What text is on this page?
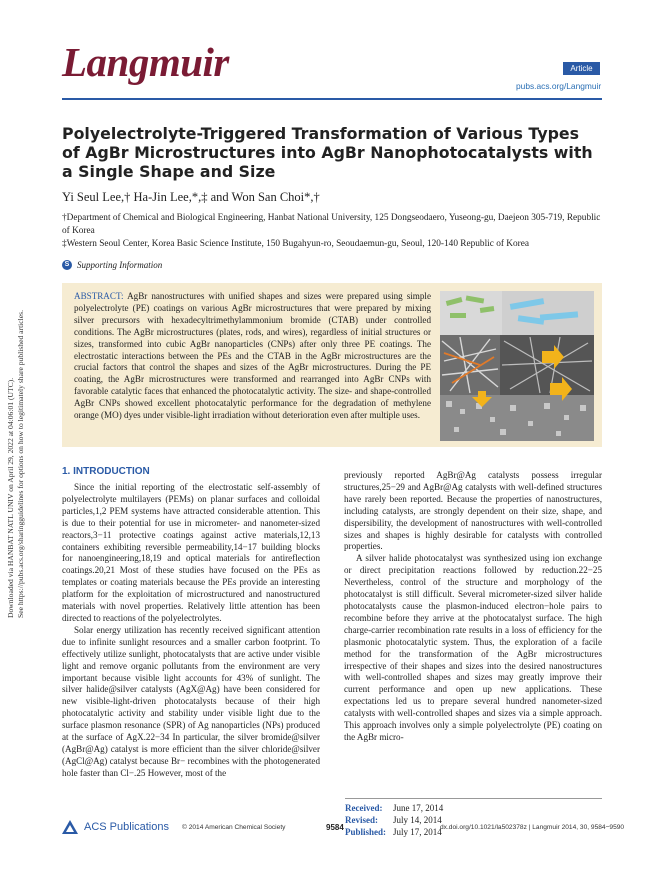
Downloaded via HANBAT NATL UNIV on April 29, 2022 at 04:06:01 (UTC). See https://pubs.acs.org/sharingguidelines for options on how to legitimately share published articles.
Langmuir	Article
pubs.acs.org/Langmuir
Polyelectrolyte-Triggered Transformation of Various Types of AgBr Microstructures into AgBr Nanophotocatalysts with a Single Shape and Size
Yi Seul Lee,† Ha-Jin Lee,*,‡ and Won San Choi*,†
†Department of Chemical and Biological Engineering, Hanbat National University, 125 Dongseodaero, Yuseong-gu, Daejeon 305-719, Republic of Korea
‡Western Seoul Center, Korea Basic Science Institute, 150 Bugahyun-ro, Seoudaemun-gu, Seoul, 120-140 Republic of Korea
S Supporting Information
ABSTRACT: AgBr nanostructures with unified shapes and sizes were prepared using simple polyelectrolyte (PE) coatings on various AgBr microstructures that were prepared by mixing silver precursors with hexadecyltrimethylammonium bromide (CTAB) under controlled conditions. The AgBr microstructures (plates, rods, and wires), regardless of initial structures or sizes, transformed into cubic AgBr nanoparticles (CNPs) after only three PE coatings. The electrostatic interactions between the PEs and the CTAB in the AgBr microstructures are the crucial factors that control the shapes and sizes of the AgBr microstructures. During the PE coating, the AgBr microstructures were transformed and rearranged into AgBr CNPs with favorable catalytic faces that enhanced the photocatalytic activity. The size- and shape-controlled AgBr CNPs showed excellent photocatalytic performance for the degradation of methylene orange (MO) dyes under visible-light irradiation without deterioration even after multiple uses.
1. INTRODUCTION

Since the initial reporting of the electrostatic self-assembly of polyelectrolyte multilayers (PEMs) on planar surfaces and colloidal particles,1,2 PEM systems have attracted considerable attention. This is due to their potential for use in micrometer- and nanometer-sized reactors,3−11 protective coatings against active materials,12,13 containers exhibiting reversible permeability,14−17 building blocks for nanoengineering,18,19 and optical materials for antireflection coatings.20,21 Most of these studies have focused on the PEs as templates or coating materials because the PEs provide an interesting platform for the exploitation of microstructured and nanostructured materials with novel properties. Relatively little attention has been directed to reactions of the polyelectrolytes.

Solar energy utilization has recently received significant attention due to infinite sunlight resources and a smaller carbon footprint. To effectively utilize sunlight, photocatalysts that are active under visible light and remove organic pollutants from the environment are very important because visible light accounts for 43% of sunlight. The silver halide@silver catalysts (AgX@Ag) have been considered for new visible-light-driven photocatalysts because of their high photocatalytic activity and stability under visible light due to the surface plasmon resonance (SPR) of Ag nanoparticles (NPs) produced at the surface of AgX.22−34 In particular, the silver bromide@silver (AgBr@Ag) catalyst is more efficient than the silver chloride@silver (AgCl@Ag) catalyst because Br− recombines with the photogenerated hole faster than Cl−.25 However, most of the

previously reported AgBr@Ag catalysts possess irregular structures,25−29 and AgBr@Ag catalysts with well-defined structures have rarely been reported. Because the properties of nanostructures, including catalysts, are strongly dependent on their size, shape, and dispersibility, the development of nanostructures with well-controlled sizes and shapes is highly desirable for catalysts with controlled properties.

A silver halide photocatalyst was synthesized using ion exchange or direct precipitation reactions followed by reduction.22−25 Nevertheless, control of the structure and morphology of the photocatalyst is still difficult. Several micrometer-sized silver halide photocatalysts cause the plasmon-induced electron−hole pairs to recombine before they arrive at the photocatalyst surface. The high charge-carrier recombination rate results in a loss of efficiency for the plasmonic photocatalytic system. Thus, the exploration of a facile method for the transformation of the AgBr microstructures irrespective of their shapes and sizes into the desired nanostructures with well-controlled shapes and sizes may greatly improve their current performance and open up new applications. These expectations led us to prepare several hundred nanometer-sized catalysts with well-controlled shapes and sizes via a simple approach. This approach involves only a simple polyelectrolyte (PE) coating on the AgBr micro-

Received: June 17, 2014
Revised: July 14, 2014
Published: July 17, 2014
ACS Publications © 2014 American Chemical Society	9584	dx.doi.org/10.1021/la502378z | Langmuir 2014, 30, 9584−9590
